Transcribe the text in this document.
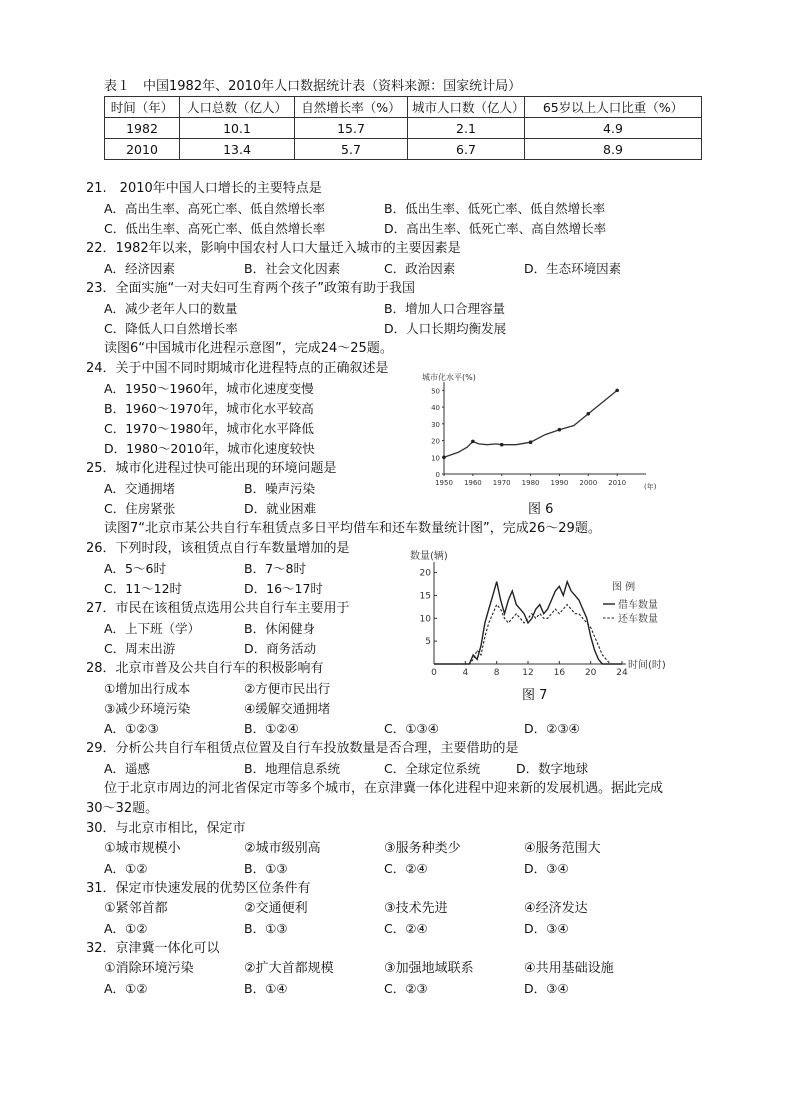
表１　中国1982年、2010年人口数据统计表（资料来源：国家统计局）
时间（年）	人口总数（亿人）	自然增长率（%）	城市人口数（亿人）	65岁以上人口比重（%）
1982	10.1	15.7	2.1	4.9
2010	13.4	5.7	6.7	8.9
21.　2010年中国人口增长的主要特点是
A．高出生率、高死亡率、低自然增长率	B．低出生率、低死亡率、低自然增长率
C．低出生率、高死亡率、低自然增长率	D．高出生率、低死亡率、高自然增长率
22．1982年以来，影响中国农村人口大量迁入城市的主要因素是
A．经济因素	B．社会文化因素	C．政治因素	D．生态环境因素
23．全面实施“一对夫妇可生育两个孩子”政策有助于我国
A．减少老年人口的数量	B．增加人口合理容量
C．降低人口自然增长率	D．人口长期均衡发展
读图6“中国城市化进程示意图”，完成24～25题。
24．关于中国不同时期城市化进程特点的正确叙述是
A．1950～1960年，城市化速度变慢
B．1960～1970年，城市化水平较高
C．1970～1980年，城市化水平降低
D．1980～2010年，城市化速度较快
25．城市化进程过快可能出现的环境问题是
A．交通拥堵	B．噪声污染
C．住房紧张	D．就业困难
城市化水平(%)
0
10
20
30
40
50
1950 1960 1970 1980 1990 2000 2010	(年)
图 6
读图7“北京市某公共自行车租赁点多日平均借车和还车数量统计图”，完成26～29题。
26．下列时段，该租赁点自行车数量增加的是
A．5～6时	B．7～8时
C．11～12时	D．16～17时
27．市民在该租赁点选用公共自行车主要用于
A．上下班（学）	B．休闲健身
C．周末出游	D．商务活动
数量(辆)
5
10
15
20
0	4	8	12 16 20 24
图 例
借车数量
还车数量
时间(时)
图 7
28．北京市普及公共自行车的积极影响有
①增加出行成本	②方便市民出行
③减少环境污染	④缓解交通拥堵
A．①②③	B．①②④	C．①③④	D．②③④
29．分析公共自行车租赁点位置及自行车投放数量是否合理，主要借助的是
A．遥感	B．地理信息系统	C．全球定位系统	D．数字地球
位于北京市周边的河北省保定市等多个城市，在京津冀一体化进程中迎来新的发展机遇。据此完成
30～32题。
30．与北京市相比，保定市
①城市规模小	②城市级别高	③服务种类少	④服务范围大
A．①②	B．①③	C．②④	D．③④
31．保定市快速发展的优势区位条件有
①紧邻首都	②交通便利	③技术先进	④经济发达
A．①②	B．①③	C．②④	D．③④
32．京津冀一体化可以
①消除环境污染	②扩大首都规模	③加强地域联系	④共用基础设施
A．①②	B．①④	C．②③	D．③④
